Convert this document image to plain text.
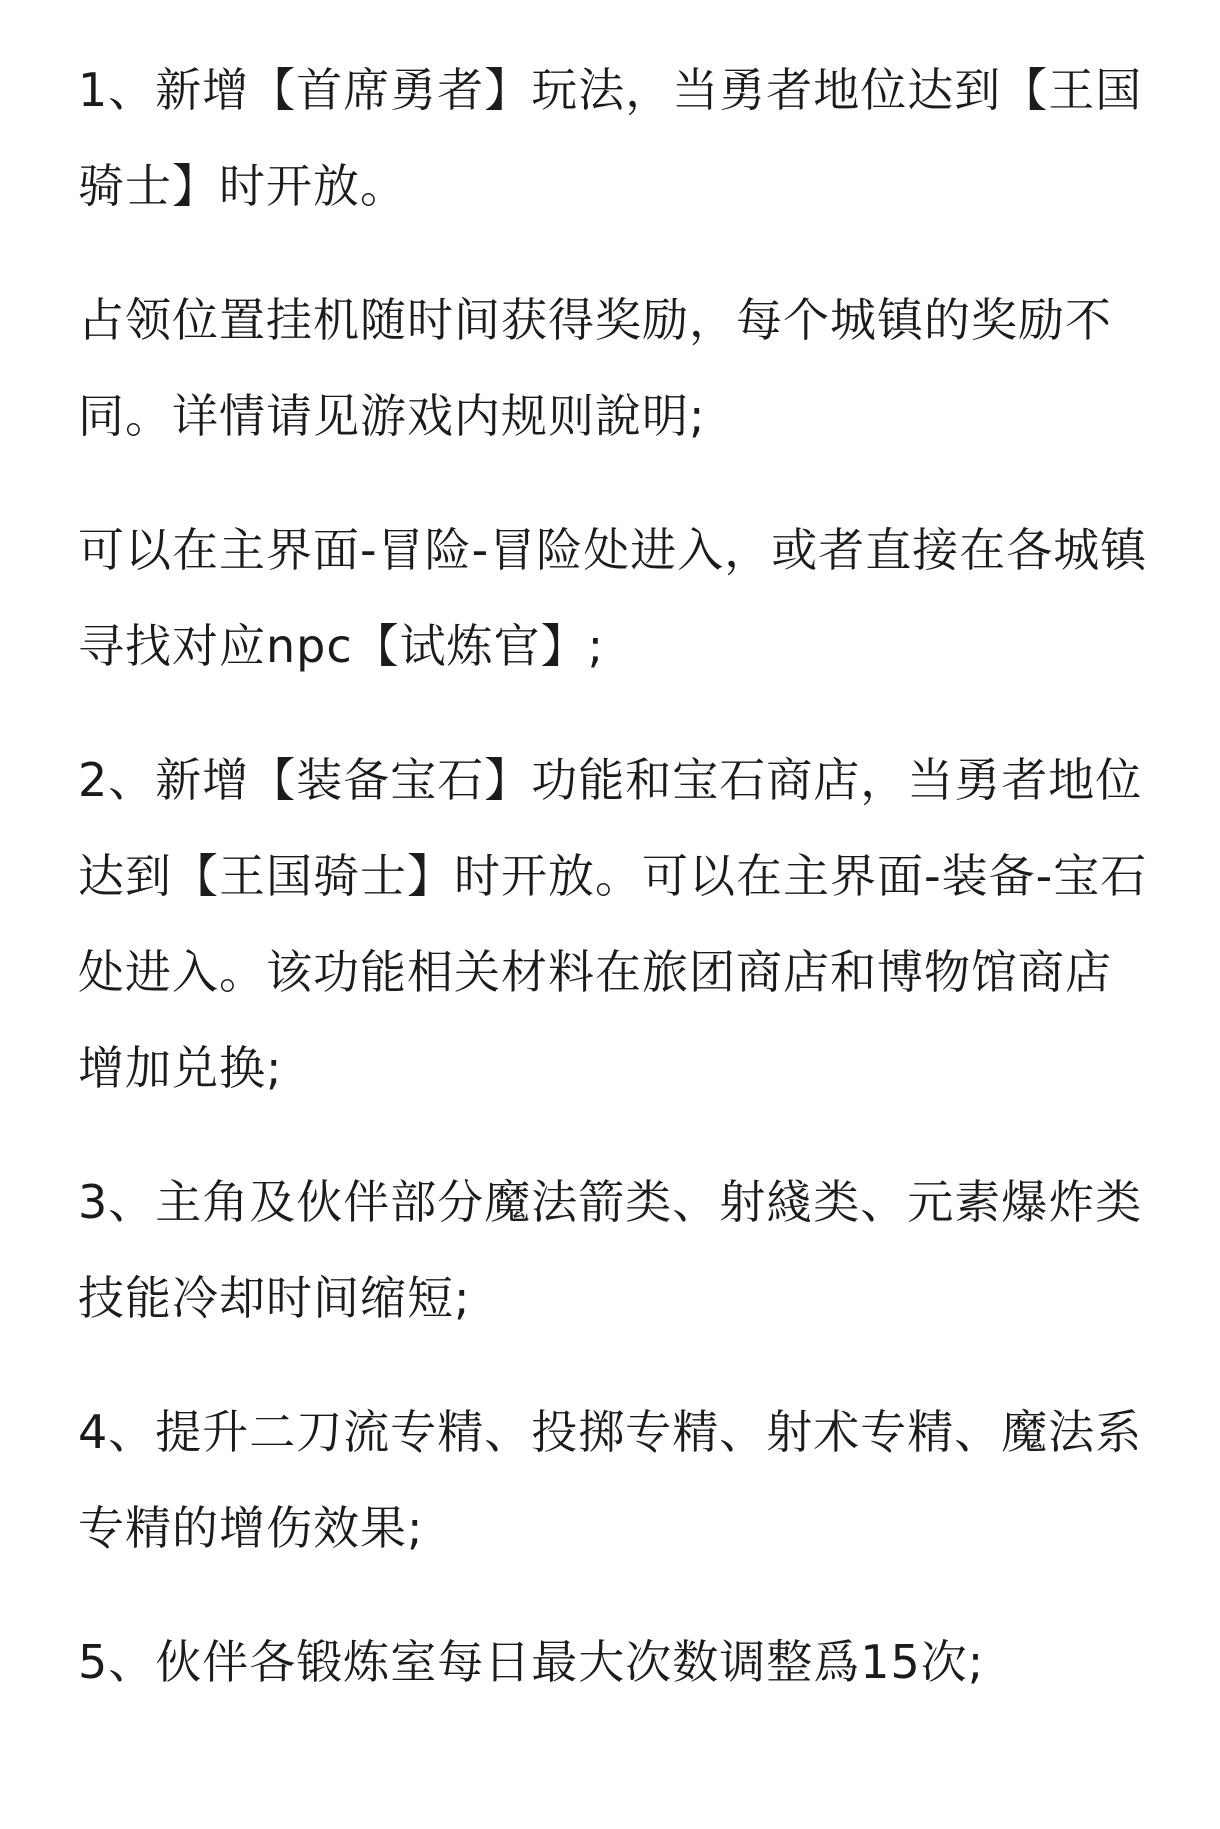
1、新增【首席勇者】玩法，当勇者地位达到【王国骑士】时开放。

占领位置挂机随时间获得奖励，每个城镇的奖励不同。详情请见游戏内规则說明;

可以在主界面-冒险-冒险处进入，或者直接在各城镇寻找对应npc【试炼官】;

2、新增【装备宝石】功能和宝石商店，当勇者地位达到【王国骑士】时开放。可以在主界面-装备-宝石处进入。该功能相关材料在旅团商店和博物馆商店增加兑换;

3、主角及伙伴部分魔法箭类、射綫类、元素爆炸类技能冷却时间缩短;

4、提升二刀流专精、投掷专精、射术专精、魔法系专精的增伤效果;

5、伙伴各锻炼室每日最大次数调整爲15次;
